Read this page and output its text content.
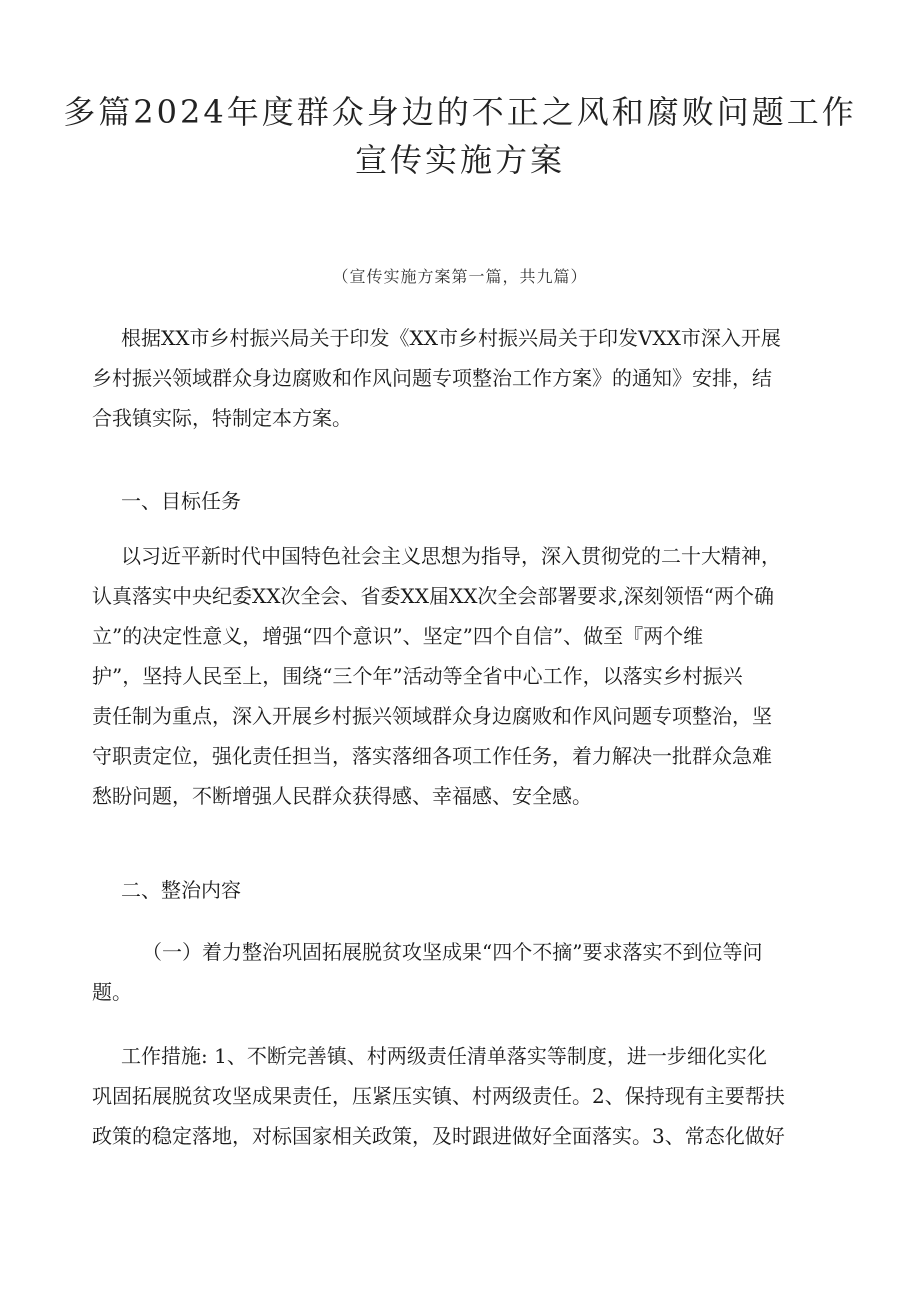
多篇2024年度群众身边的不正之风和腐败问题工作
宣传实施方案
（宣传实施方案第一篇，共九篇）
根据XX市乡村振兴局关于印发《XX市乡村振兴局关于印发VXX市深入开展
乡村振兴领域群众身边腐败和作风问题专项整治工作方案》的通知》安排，结
合我镇实际，特制定本方案。
一、目标任务
以习近平新时代中国特色社会主义思想为指导，深入贯彻党的二十大精神，
认真落实中央纪委XX次全会、省委XX届XX次全会部署要求,深刻领悟“两个确
立”的决定性意义，增强“四个意识”、坚定”四个自信”、做至『两个维
护”，坚持人民至上，围绕“三个年”活动等全省中心工作，以落实乡村振兴
责任制为重点，深入开展乡村振兴领域群众身边腐败和作风问题专项整治，坚
守职责定位，强化责任担当，落实落细各项工作任务，着力解决一批群众急难
愁盼问题，不断增强人民群众获得感、幸福感、安全感。
二、整治内容
（一）着力整治巩固拓展脱贫攻坚成果“四个不摘”要求落实不到位等问
题。
工作措施: 1、不断完善镇、村两级责任清单落实等制度，进一步细化实化
巩固拓展脱贫攻坚成果责任，压紧压实镇、村两级责任。2、保持现有主要帮扶
政策的稳定落地，对标国家相关政策，及时跟进做好全面落实。3、常态化做好
